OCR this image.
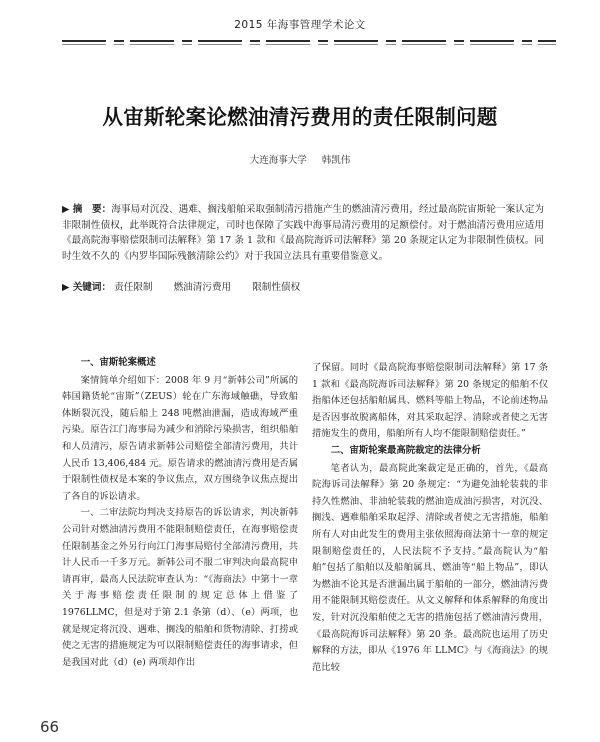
2015 年海事管理学术论文
从宙斯轮案论燃油清污费用的责任限制问题
大连海事大学 韩凯伟
▶ 摘　要：海事局对沉没、遇难、搁浅船舶采取强制清污措施产生的燃油清污费用，经过最高院宙斯轮一案认定为非限制性债权，此举既符合法律规定，司时也保障了实践中海事局清污费用的足额偿付。对于燃油清污费用应适用《最高院海事赔偿限制司法解释》第 17 条 1 款和《最高院海诉司法解释》第 20 条规定认定为非限制性债权。同时生效不久的《内罗毕国际残骸清除公约》对于我国立法具有重要借鉴意义。
▶ 关键词： 责任限制 燃油清污费用 限制性债权
一、宙斯轮案概述

案情简单介绍如下：2008 年 9 月“新韩公司”所属的韩国籍货轮“宙斯”（ZEUS）轮在广东海域触礁，导致船体断裂沉没，随后船上 248 吨燃油泄漏，造成海域严重污染。原告江门海事局为减少和消除污染损害，组织船舶和人员清污，原告请求新韩公司赔偿全部清污费用，共计人民币 13,406,484 元。原告请求的燃油清污费用是否属于限制性债权是本案的争议焦点，双方围绕争议焦点提出了各自的诉讼请求。

一、二审法院均判决支持原告的诉讼请求，判决新韩公司针对燃油清污费用不能限制赔偿责任，在海事赔偿责任限制基金之外另行向江门海事局赔付全部清污费用，共计人民币一千多万元。新韩公司不服二审判决向最高院申请再审，最高人民法院审查认为：“《海商法》中第十一章关于海事赔偿责任限制的规定总体上借鉴了 1976LLMC，但是对于第 2.1 条第（d）、（e）两项，也就是规定将沉没、遇难、搁浅的船舶和货物清除、打捞或使之无害的措施规定为可以限制赔偿责任的海事请求，但是我国对此（d）(e) 两项却作出

了保留。同时《最高院海事赔偿限制司法解释》第 17 条 1 款和《最高院海诉司法解释》第 20 条规定的船舶不仅指船体还包括船舶属具、燃料等船上物品，不论前述物品是否因事故脱离船体，对其采取起浮、清除或者使之无害措施发生的费用，船舶所有人均不能限制赔偿责任。”

二、宙斯轮案最高院裁定的法律分析

笔者认为，最高院此案裁定是正确的，首先，《最高院海诉司法解释》第 20 条规定：“为避免油轮装载的非持久性燃油、非油轮装载的燃油造成油污损害，对沉没、搁浅、遇难船舶采取起浮、清除或者使之无害措施，船舶所有人对由此发生的费用主张依照海商法第十一章的规定限制赔偿责任的，人民法院不予支持。”最高院认为“船舶”包括了船舶以及船舶属具、燃油等“船上物品”，即认为燃油不论其是否泄漏出属于船舶的一部分，燃油清污费用不能限制其赔偿责任。从文义解释和体系解释的角度出发，针对沉没船舶使之无害的措施包括了燃油清污费用，《最高院海诉司法解释》第 20 条。最高院也运用了历史解释的方法，即从《1976 年 LLMC》与《海商法》的规范比较

66
